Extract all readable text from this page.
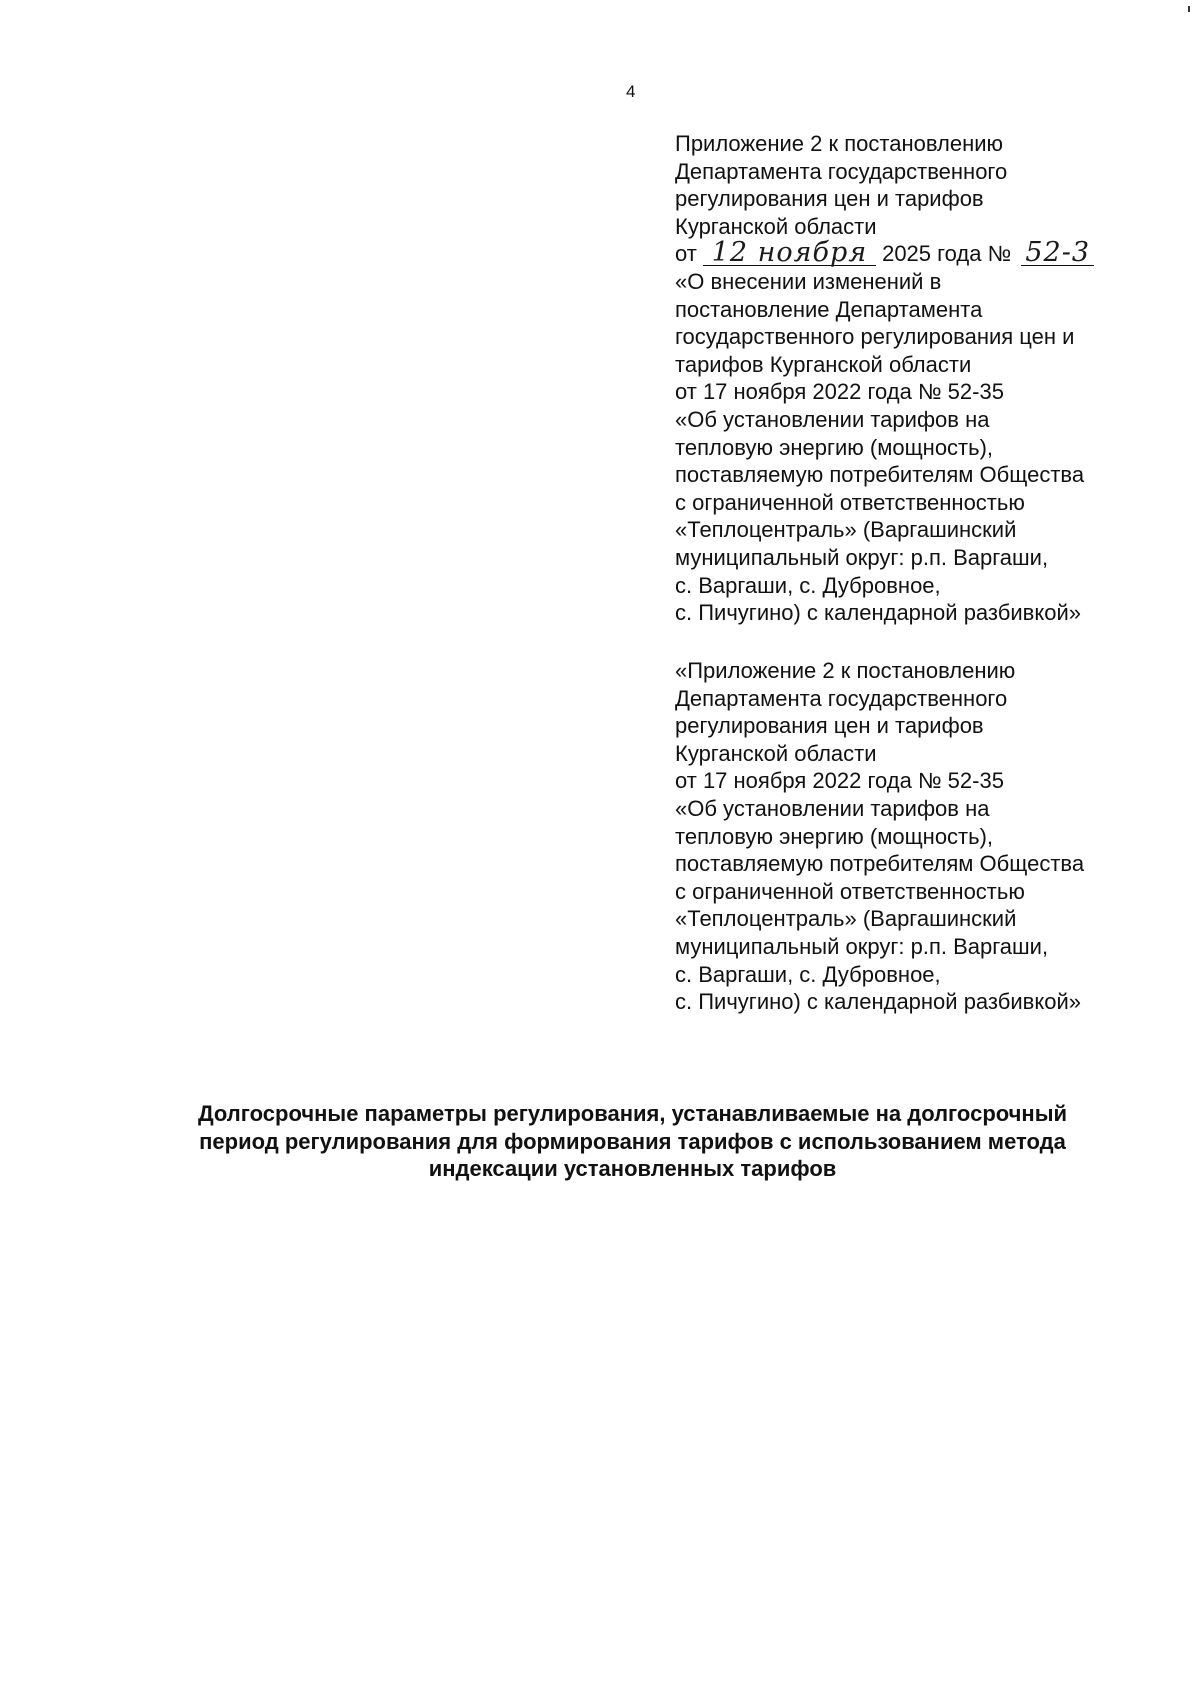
4
Приложение 2 к постановлению
Департамента государственного
регулирования цен и тарифов
Курганской области
от 12 ноября 2025 года № 52-3
«О внесении изменений в
постановление Департамента
государственного регулирования цен и
тарифов Курганской области
от 17 ноября 2022 года № 52-35
«Об установлении тарифов на
тепловую энергию (мощность),
поставляемую потребителям Общества
с ограниченной ответственностью
«Теплоцентраль» (Варгашинский
муниципальный округ: р.п. Варгаши,
с. Варгаши, с. Дубровное,
с. Пичугино) с календарной разбивкой»
«Приложение 2 к постановлению
Департамента государственного
регулирования цен и тарифов
Курганской области
от 17 ноября 2022 года № 52-35
«Об установлении тарифов на
тепловую энергию (мощность),
поставляемую потребителям Общества
с ограниченной ответственностью
«Теплоцентраль» (Варгашинский
муниципальный округ: р.п. Варгаши,
с. Варгаши, с. Дубровное,
с. Пичугино) с календарной разбивкой»
Долгосрочные параметры регулирования, устанавливаемые на долгосрочный
период регулирования для формирования тарифов с использованием метода
индексации установленных тарифов
